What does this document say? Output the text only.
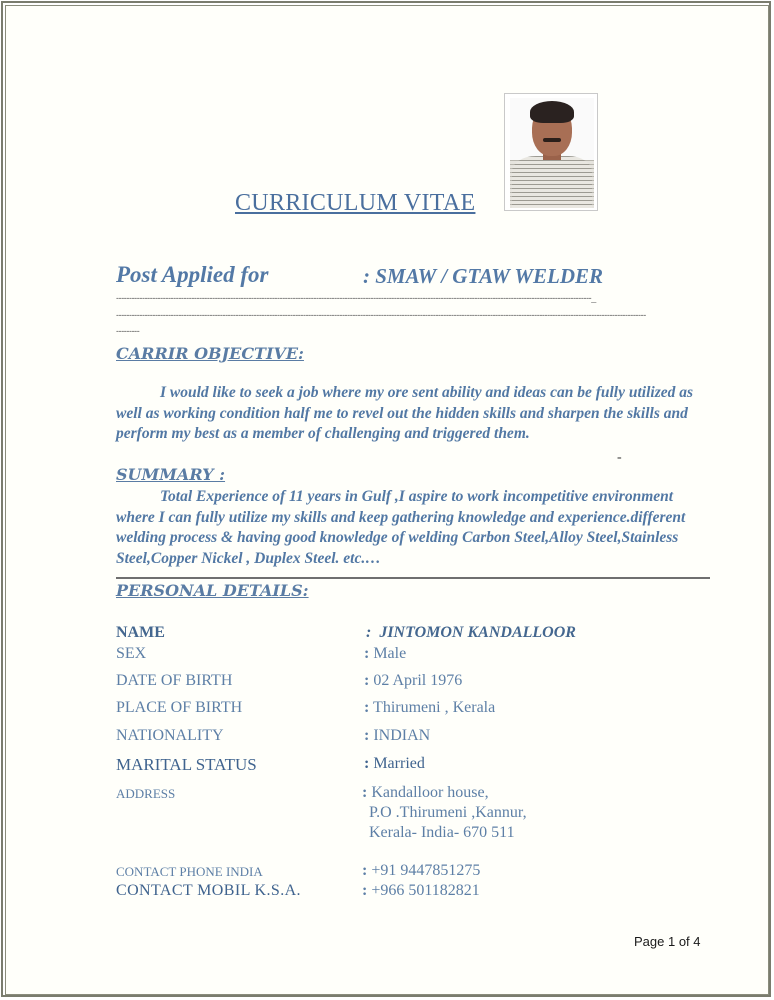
CURRICULUM VITAE
Post Applied for	: SMAW / GTAW WELDER
---------------------------------------------------------------------------------------------------------------------------------------------------------------------------------------_
------------------------------------------------------------------------------------------------------------------------------------------------------------------------------------------------------------
---------
CARRIR OBJECTIVE:
I would like to seek a job where my ore sent ability and ideas can be fully utilized as well as working condition half me to revel out the hidden skills and sharpen the skills and perform my best as a member of challenging and triggered them.
-
SUMMARY :
Total Experience of 11 years in Gulf ,I aspire to work incompetitive environment where I can fully utilize my skills and keep gathering knowledge and experience.different welding process & having good knowledge of welding Carbon Steel,Alloy Steel,Stainless Steel,Copper Nickel , Duplex Steel. etc.…
PERSONAL DETAILS:
NAME	: JINTOMON KANDALLOOR
SEX	: Male
DATE OF BIRTH	: 02 April 1976
PLACE OF BIRTH	: Thirumeni , Kerala
NATIONALITY	: INDIAN
MARITAL STATUS	: Married
ADDRESS	: Kandalloor house,
P.O .Thirumeni ,Kannur,
Kerala- India- 670 511
CONTACT PHONE INDIA	: +91 9447851275
CONTACT MOBIL K.S.A.	: +966 501182821
Page 1 of 4
